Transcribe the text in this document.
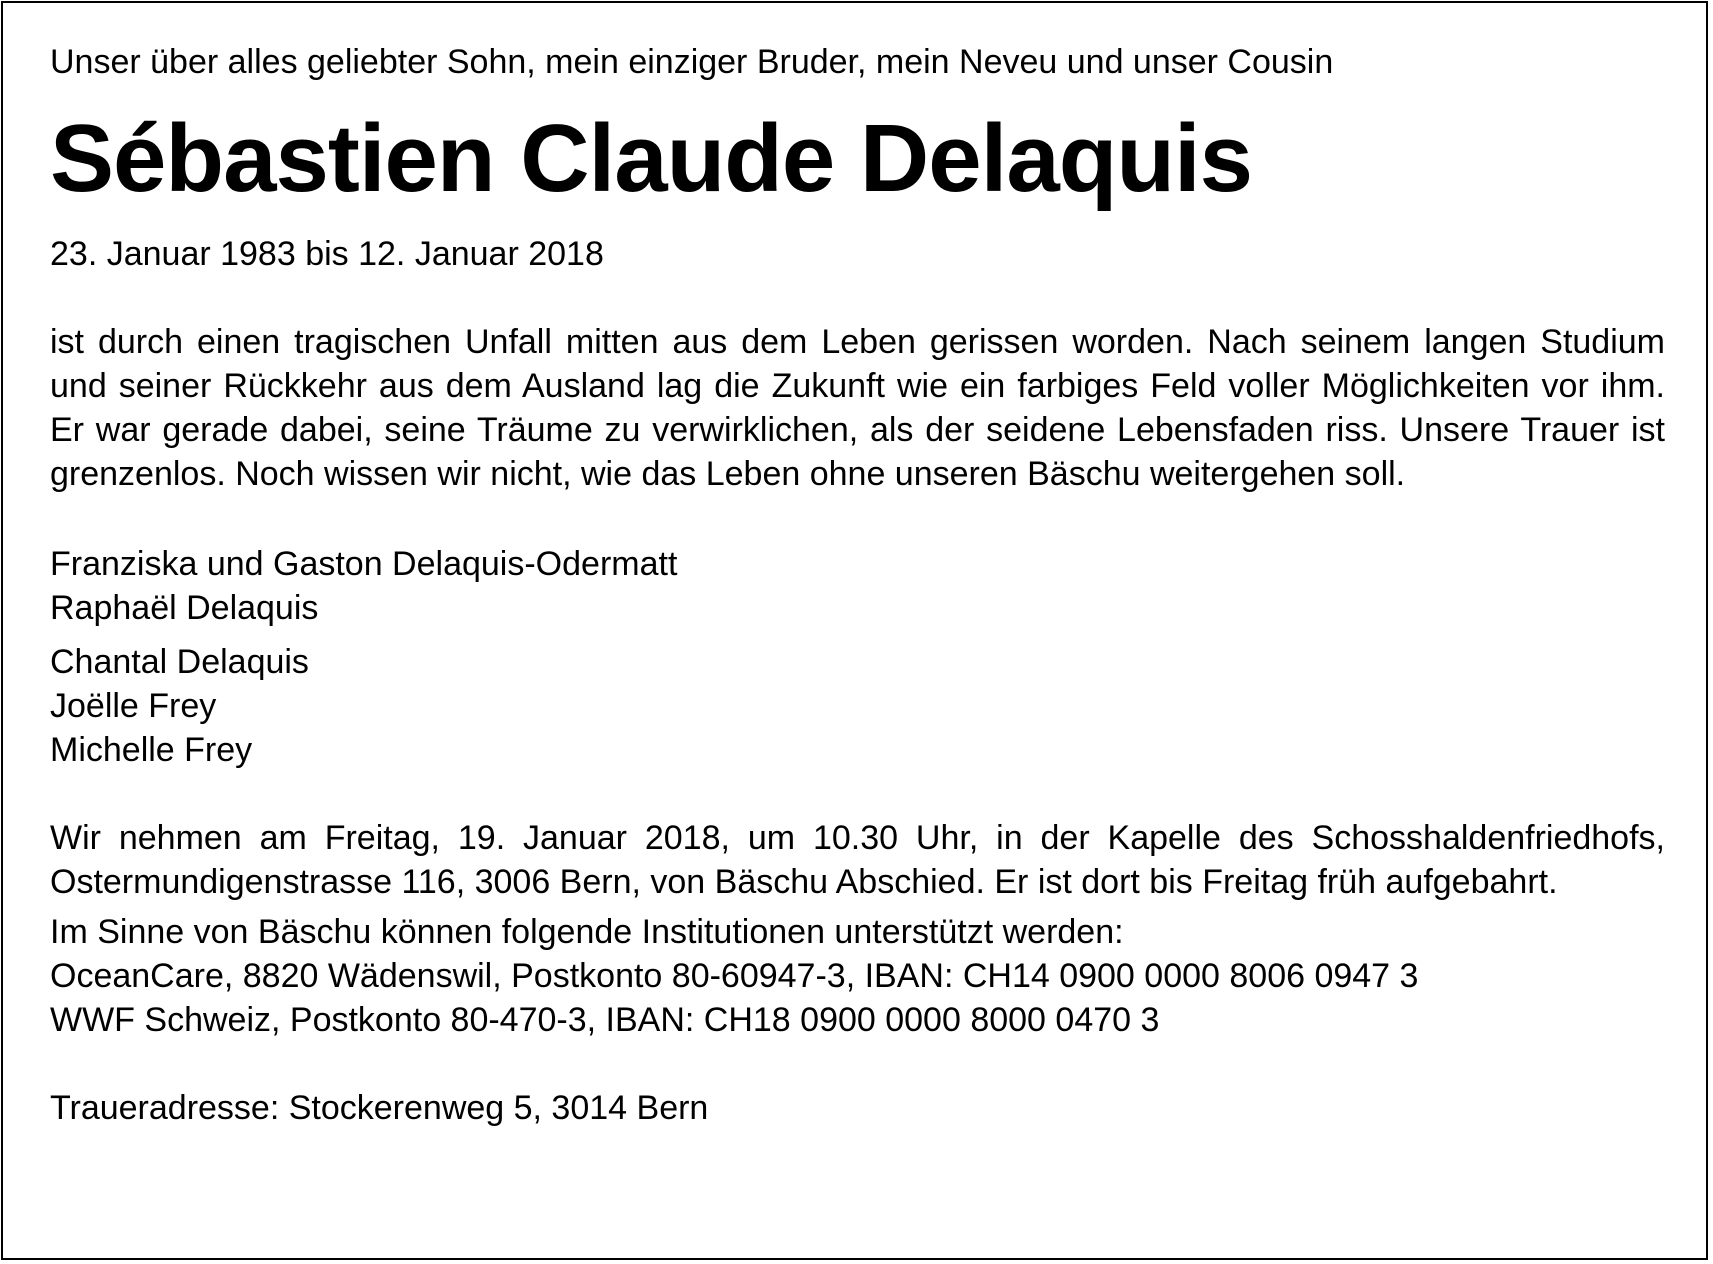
Unser über alles geliebter Sohn, mein einziger Bruder, mein Neveu und unser Cousin

Sébastien Claude Delaquis

23. Januar 1983 bis 12. Januar 2018

ist durch einen tragischen Unfall mitten aus dem Leben gerissen worden. Nach seinem langen Studium und seiner Rückkehr aus dem Ausland lag die Zukunft wie ein farbiges Feld voller Möglichkeiten vor ihm. Er war gerade dabei, seine Träume zu verwirklichen, als der seidene Lebensfaden riss. Unsere Trauer ist grenzenlos. Noch wissen wir nicht, wie das Leben ohne unseren Bäschu weitergehen soll.

Franziska und Gaston Delaquis-Odermatt
Raphaël Delaquis
Chantal Delaquis
Joëlle Frey
Michelle Frey

Wir nehmen am Freitag, 19. Januar 2018, um 10.30 Uhr, in der Kapelle des Schosshaldenfriedhofs, Ostermundigenstrasse 116, 3006 Bern, von Bäschu Abschied. Er ist dort bis Freitag früh aufgebahrt.

Im Sinne von Bäschu können folgende Institutionen unterstützt werden:
OceanCare, 8820 Wädenswil, Postkonto 80-60947-3, IBAN: CH14 0900 0000 8006 0947 3
WWF Schweiz, Postkonto 80-470-3, IBAN: CH18 0900 0000 8000 0470 3

Traueradresse: Stockerenweg 5, 3014 Bern
